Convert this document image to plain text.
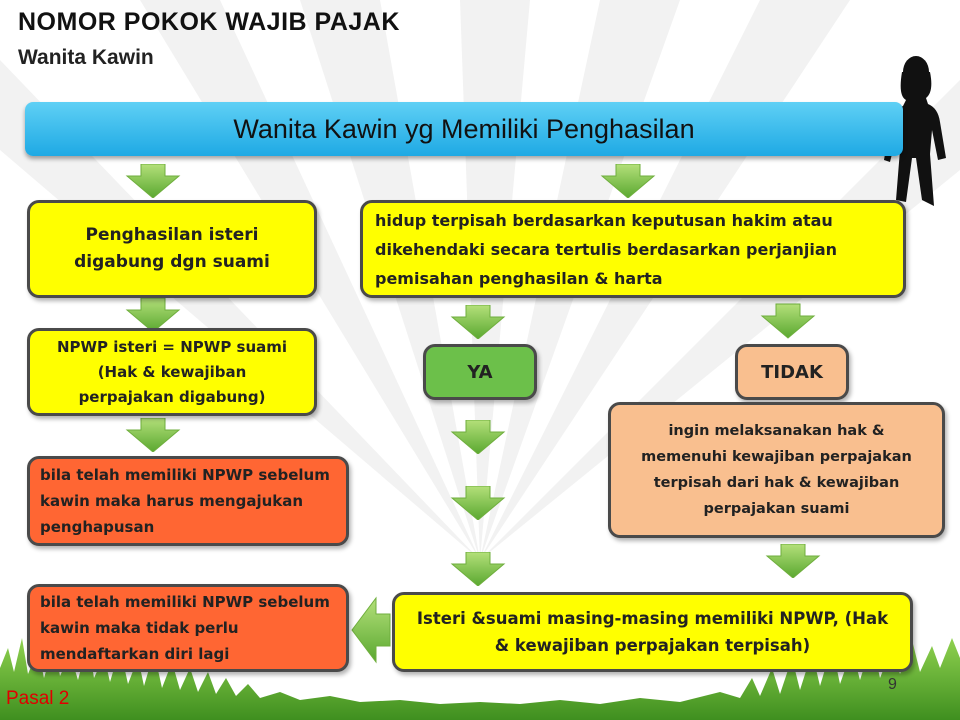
NOMOR POKOK WAJIB PAJAK
Wanita Kawin
Wanita Kawin yg Memiliki Penghasilan
Penghasilan isteri digabung dgn suami
NPWP isteri = NPWP suami (Hak & kewajiban perpajakan digabung)
bila telah memiliki NPWP sebelum kawin maka harus mengajukan penghapusan
bila telah memiliki NPWP sebelum kawin maka tidak perlu mendaftarkan diri lagi
hidup terpisah berdasarkan keputusan hakim atau dikehendaki secara tertulis berdasarkan perjanjian pemisahan penghasilan & harta
YA	TIDAK
ingin melaksanakan hak & memenuhi kewajiban perpajakan terpisah dari hak & kewajiban perpajakan suami
Isteri &suami masing-masing memiliki NPWP, (Hak & kewajiban perpajakan terpisah)
Pasal 2
9
